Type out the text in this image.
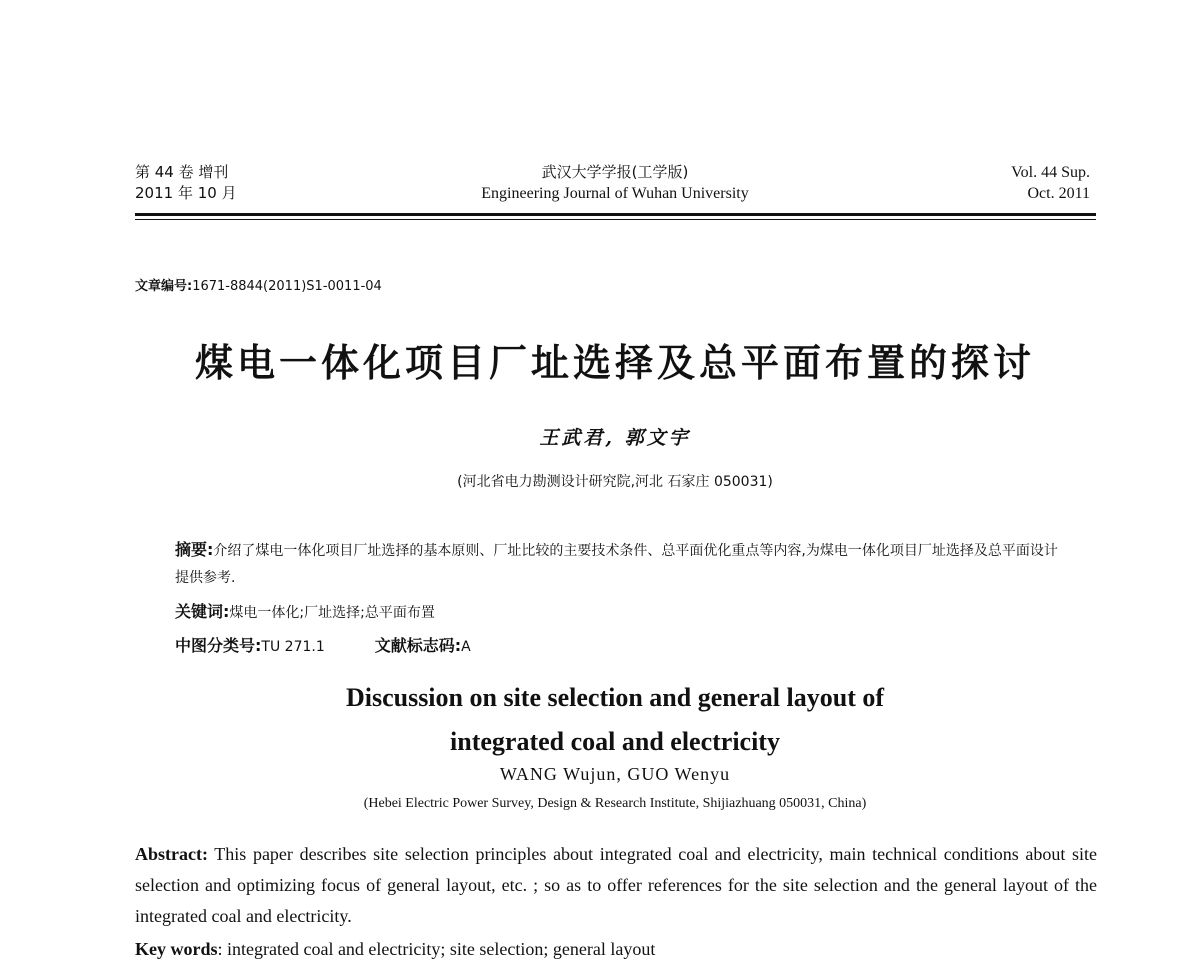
第 44 卷 增刊
2011 年 10 月
武汉大学学报(工学版)
Engineering Journal of Wuhan University
Vol. 44 Sup.
Oct. 2011
文章编号:1671-8844(2011)S1-0011-04
煤电一体化项目厂址选择及总平面布置的探讨
王武君, 郭文宇
(河北省电力勘测设计研究院,河北 石家庄 050031)
摘要:介绍了煤电一体化项目厂址选择的基本原则、厂址比较的主要技术条件、总平面优化重点等内容,为煤电一体化项目厂址选择及总平面设计提供参考.
关键词:煤电一体化;厂址选择;总平面布置
中图分类号:TU 271.1	文献标志码:A
Discussion on site selection and general layout of
integrated coal and electricity
WANG Wujun, GUO Wenyu
(Hebei Electric Power Survey, Design & Research Institute, Shijiazhuang 050031, China)
Abstract: This paper describes site selection principles about integrated coal and electricity, main technical conditions about site selection and optimizing focus of general layout, etc. ; so as to offer references for the site selection and the general layout of the integrated coal and electricity.
Key words: integrated coal and electricity; site selection; general layout
